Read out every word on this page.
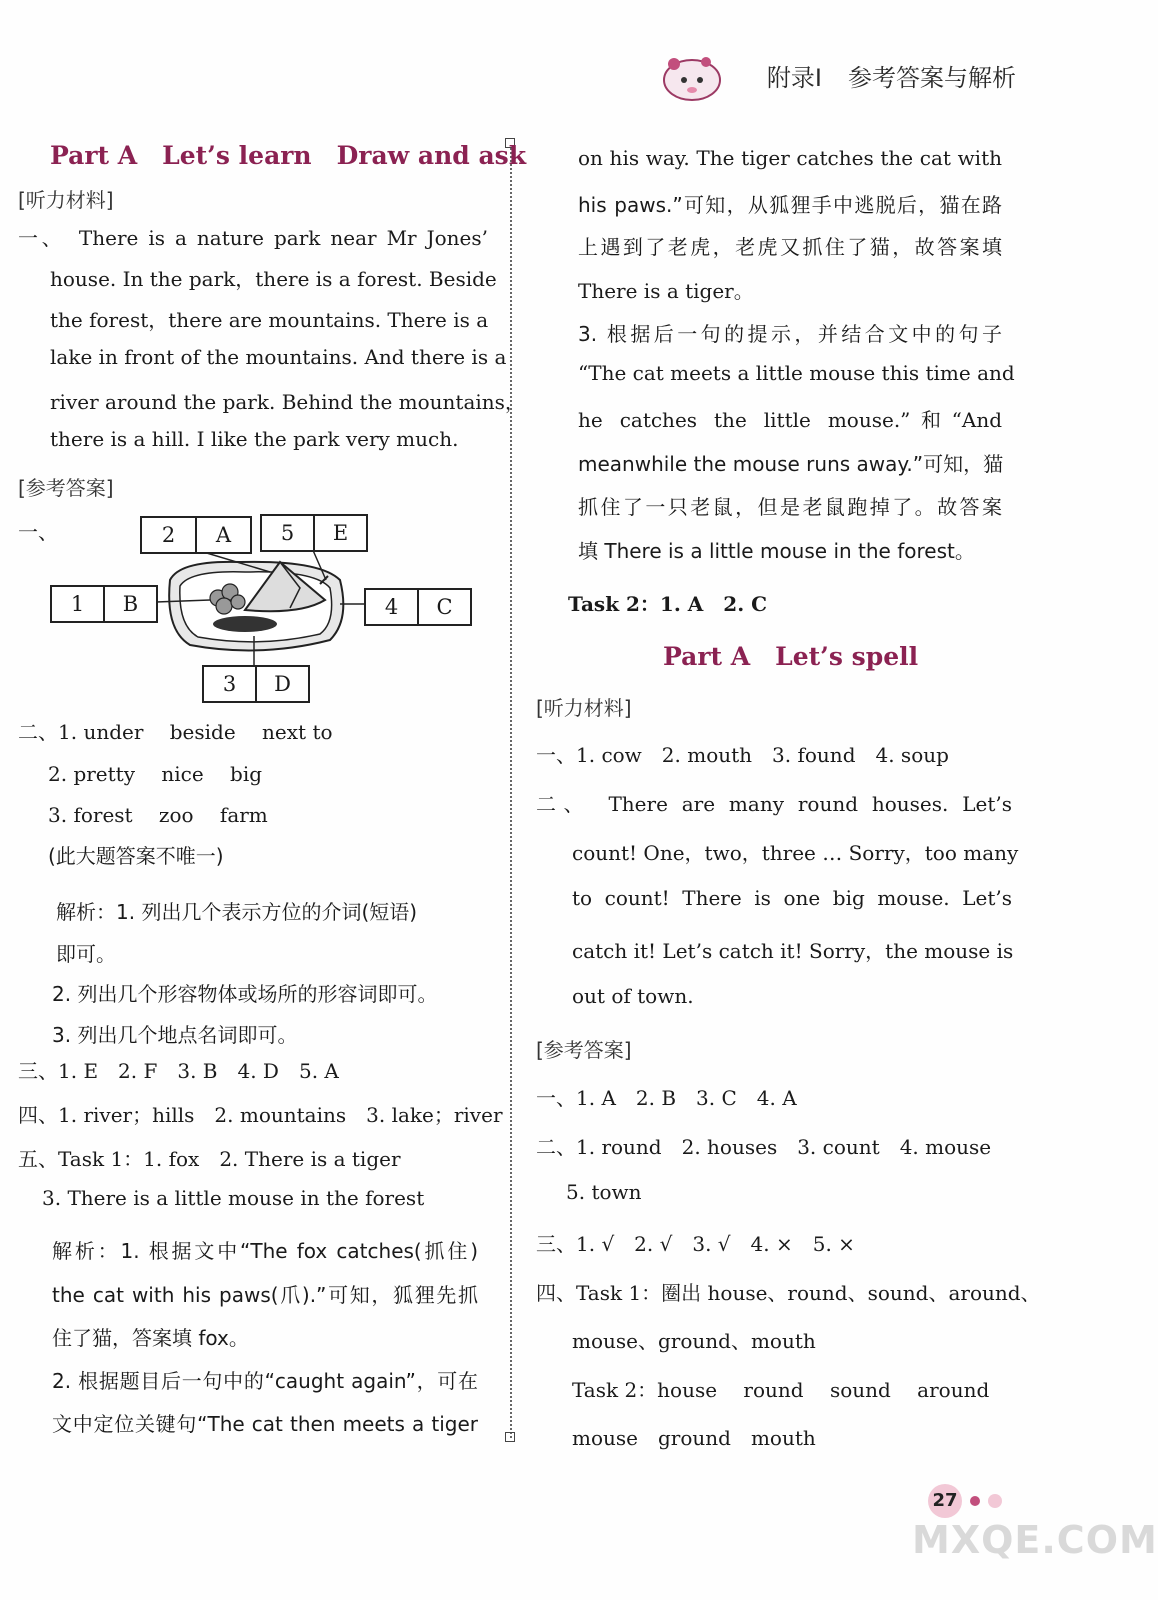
附录Ⅰ 参考答案与解析
Part A　Let’s learn　Draw and ask
[听力材料]
一、　There is a nature park near Mr Jones’
house. In the park，there is a forest. Beside
the forest，there are mountains. There is a
lake in front of the mountains. And there is a
river around the park. Behind the mountains，
there is a hill. I like the park very much.
[参考答案]
一、	2	A	5	E
1	B	4	C
3	D
二、1. under　 beside　 next to
2. pretty　 nice　 big
3. forest　 zoo　 farm
(此大题答案不唯一)
解析：1. 列出几个表示方位的介词(短语)
即可。
2. 列出几个形容物体或场所的形容词即可。
3. 列出几个地点名词即可。
三、1. E　2. F　3. B　4. D　5. A
四、1. river；hills　2. mountains　3. lake；river
五、Task 1：1. fox　2. There is a tiger
3. There is a little mouse in the forest
解析：1. 根据文中“The fox catches(抓住)
the cat with his paws(爪).”可知，狐狸先抓
住了猫，答案填 fox。
2. 根据题目后一句中的“caught again”，可在
文中定位关键句“The cat then meets a tiger
on his way. The tiger catches the cat with
his paws.”可知，从狐狸手中逃脱后，猫在路
上遇到了老虎，老虎又抓住了猫，故答案填
There is a tiger。
3. 根据后一句的提示，并结合文中的句子
“The cat meets a little mouse this time and
he catches the little mouse.”和“And
meanwhile the mouse runs away.”可知，猫
抓住了一只老鼠，但是老鼠跑掉了。故答案
填 There is a little mouse in the forest。
Task 2：1. A　2. C
Part A　Let’s spell
[听力材料]
一、1. cow　2. mouth　3. found　4. soup
二、　There are many round houses. Let’s
count! One，two，three … Sorry，too many
to count! There is one big mouse. Let’s
catch it! Let’s catch it! Sorry，the mouse is
out of town.
[参考答案]
一、1. A　2. B　3. C　4. A
二、1. round　2. houses　3. count　4. mouse
5. town
三、1. √　2. √　3. √　4. ×　5. ×
四、Task 1：圈出 house、round、sound、around、
mouse、ground、mouth
Task 2：house　 round　 sound　 around
mouse　ground　mouth
27
MXQE.COM
